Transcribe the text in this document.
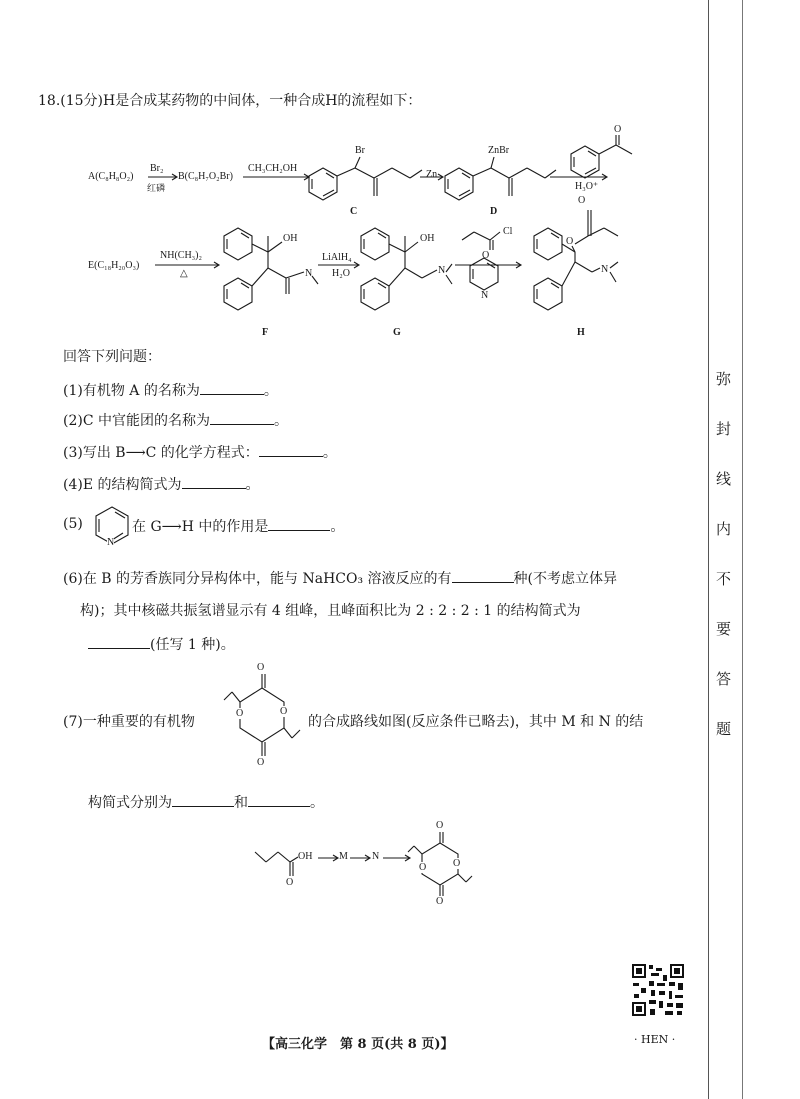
弥
封
线
内
不
要
答
题
18.(15分)H是合成某药物的中间体，一种合成H的流程如下：
A(C₈H₈O₂)
Br₂
红磷
B(C₈H₇O₂Br)
CH₃CH₂OH
Br
C
Zn
ZnBr
D
H₃O⁺
O
E(C₁₈H₂₀O₃)
NH(CH₃)₂
△
OH
N
F
LiAlH₄
H₂O
OH
N
G
Cl
O
N
O
O
N
H
回答下列问题：
(1)有机物 A 的名称为	。
(2)C 中官能团的名称为	。
(3)写出 B⟶C 的化学方程式：	。
(4)E 的结构简式为	。
(5)
N
在 G⟶H 中的作用是	。
(6)在 B 的芳香族同分异构体中，能与 NaHCO₃ 溶液反应的有	种(不考虑立体异
构)；其中核磁共振氢谱显示有 4 组峰，且峰面积比为 2 : 2 : 2 : 1 的结构简式为
(任写 1 种)。
(7)一种重要的有机物
O
O	O
O
的合成路线如图(反应条件已略去)，其中 M 和 N 的结
构简式分别为	和	。
OH
O
M N
O
O	O
O
【高三化学　第 8 页(共 8 页)】	· HEN ·
